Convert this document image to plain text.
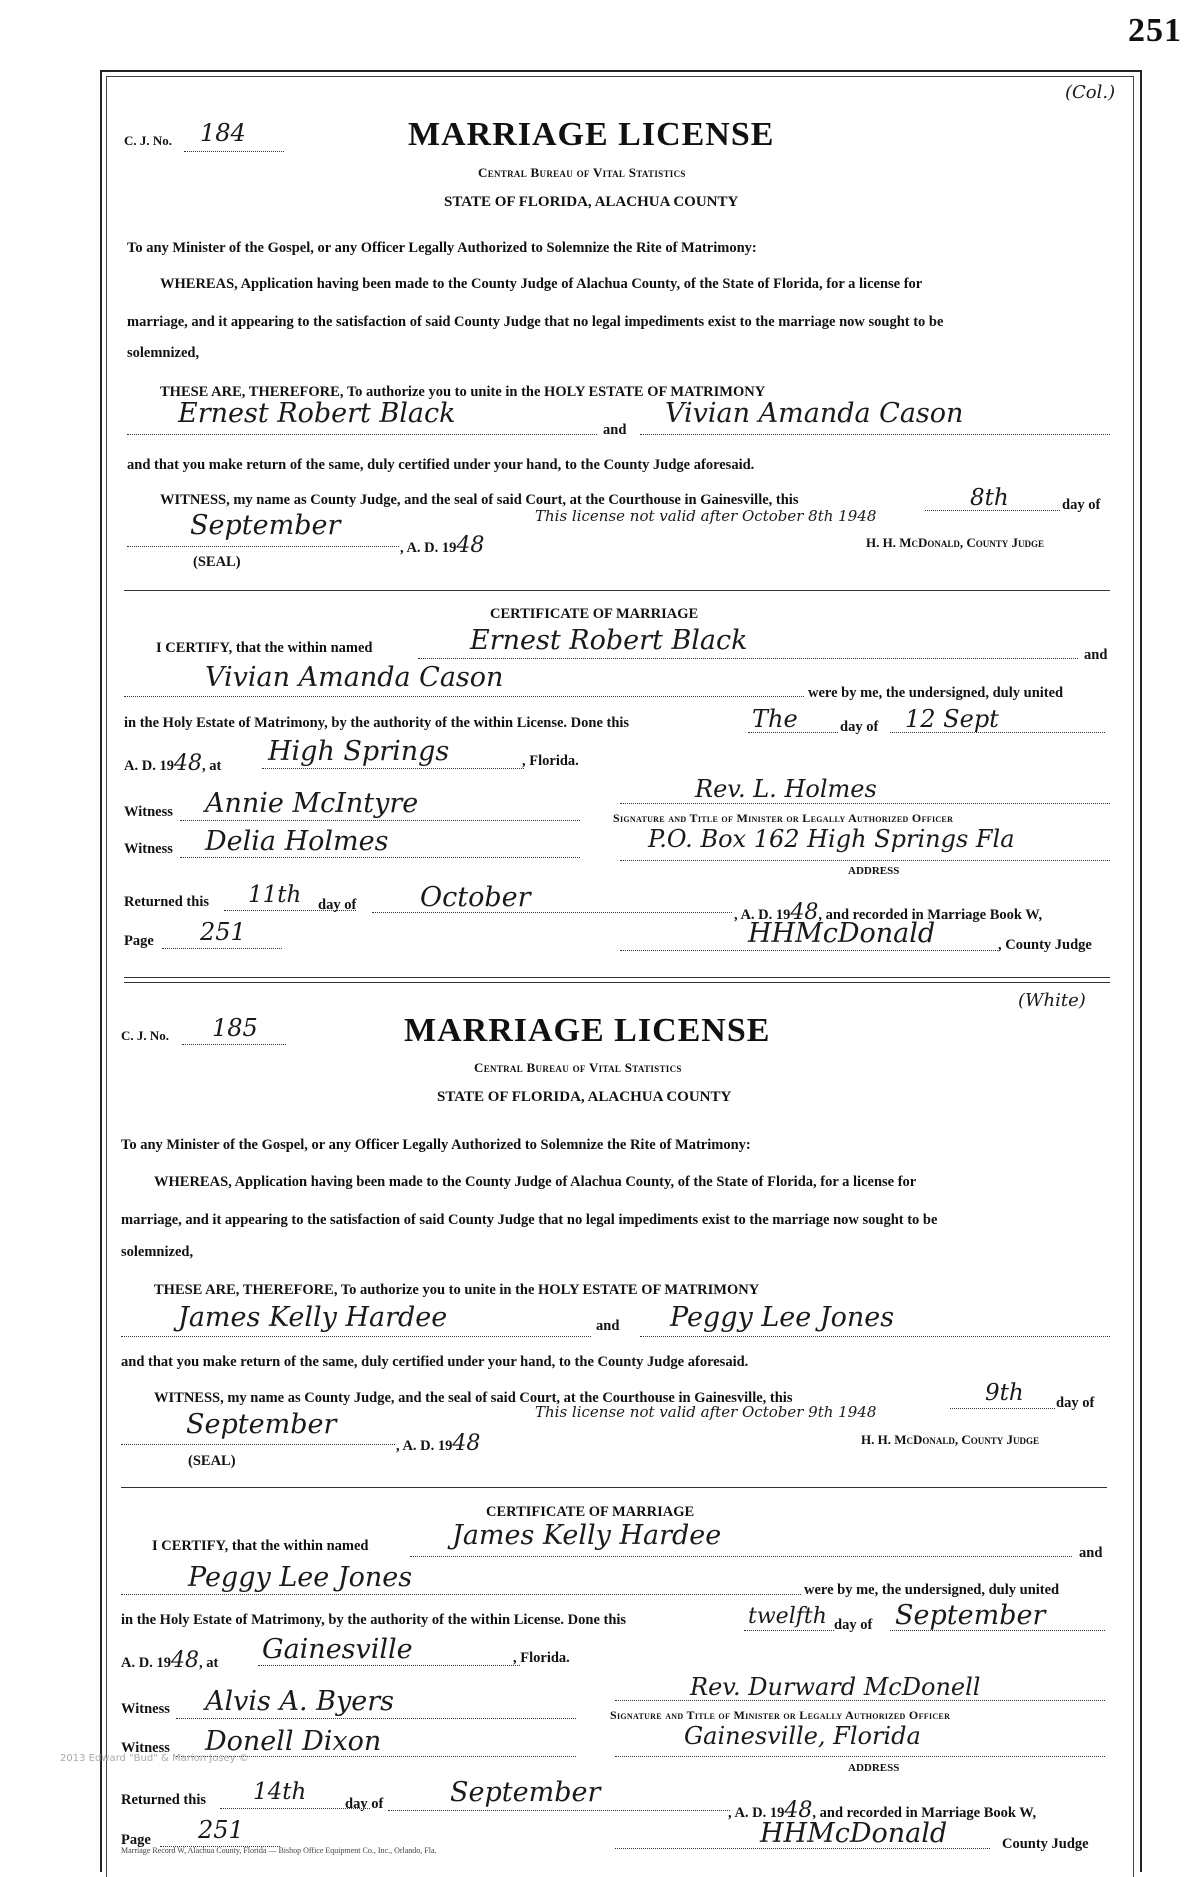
251
(Col.)
C. J. No. 184	MARRIAGE LICENSE
Central Bureau of Vital Statistics
STATE OF FLORIDA, ALACHUA COUNTY
To any Minister of the Gospel, or any Officer Legally Authorized to Solemnize the Rite of Matrimony:
WHEREAS, Application having been made to the County Judge of Alachua County, of the State of Florida, for a license for
marriage, and it appearing to the satisfaction of said County Judge that no legal impediments exist to the marriage now sought to be
solemnized,
THESE ARE, THEREFORE, To authorize you to unite in the HOLY ESTATE OF MATRIMONY
Ernest Robert Black
and
Vivian Amanda Cason
and that you make return of the same, duly certified under your hand, to the County Judge aforesaid.
WITNESS, my name as County Judge, and the seal of said Court, at the Courthouse in Gainesville, this	8th	day of
This license not valid after October 8th 1948
September
, A. D. 1948	H. H. McDonald, County Judge
(SEAL)
CERTIFICATE OF MARRIAGE
I CERTIFY, that the within named	Ernest Robert Black	and
Vivian Amanda Cason	were by me, the undersigned, duly united
in the Holy Estate of Matrimony, by the authority of the within License. Done this	The	day of 12 Sept
A. D. 1948, at High Springs	, Florida.
Witness Annie McIntyre	Rev. L. Holmes
Signature and Title of Minister or Legally Authorized Officer
Witness Delia Holmes	P.O. Box 162 High Springs Fla
ADDRESS
Returned this 11th day of October
, A. D. 1948, and recorded in Marriage Book W,
Page 251	HHMcDonald	, County Judge
(White)
C. J. No. 185	MARRIAGE LICENSE
Central Bureau of Vital Statistics
STATE OF FLORIDA, ALACHUA COUNTY
To any Minister of the Gospel, or any Officer Legally Authorized to Solemnize the Rite of Matrimony:
WHEREAS, Application having been made to the County Judge of Alachua County, of the State of Florida, for a license for
marriage, and it appearing to the satisfaction of said County Judge that no legal impediments exist to the marriage now sought to be
solemnized,
THESE ARE, THEREFORE, To authorize you to unite in the HOLY ESTATE OF MATRIMONY
James Kelly Hardee	and Peggy Lee Jones
and that you make return of the same, duly certified under your hand, to the County Judge aforesaid.
WITNESS, my name as County Judge, and the seal of said Court, at the Courthouse in Gainesville, this	9th day of
This license not valid after October 9th 1948
September
, A. D. 1948	H. H. McDonald, County Judge
(SEAL)
CERTIFICATE OF MARRIAGE
I CERTIFY, that the within named	James Kelly Hardee
and
Peggy Lee Jones	were by me, the undersigned, duly united
in the Holy Estate of Matrimony, by the authority of the within License. Done this	twelfth day of September
A. D. 1948, at Gainesville	, Florida.
Witness Alvis A. Byers	Rev. Durward McDonell
Signature and Title of Minister or Legally Authorized Officer
Witness Donell Dixon	Gainesville, Florida
ADDRESS
Returned this 14th	day of September
, A. D. 1948, and recorded in Marriage Book W,
Page 251	HHMcDonald	County Judge
2013 Edward "Bud" & Marion Josey ©
Marriage Record W, Alachua County, Florida — Bishop Office Equipment Co., Inc., Orlando, Fla.
